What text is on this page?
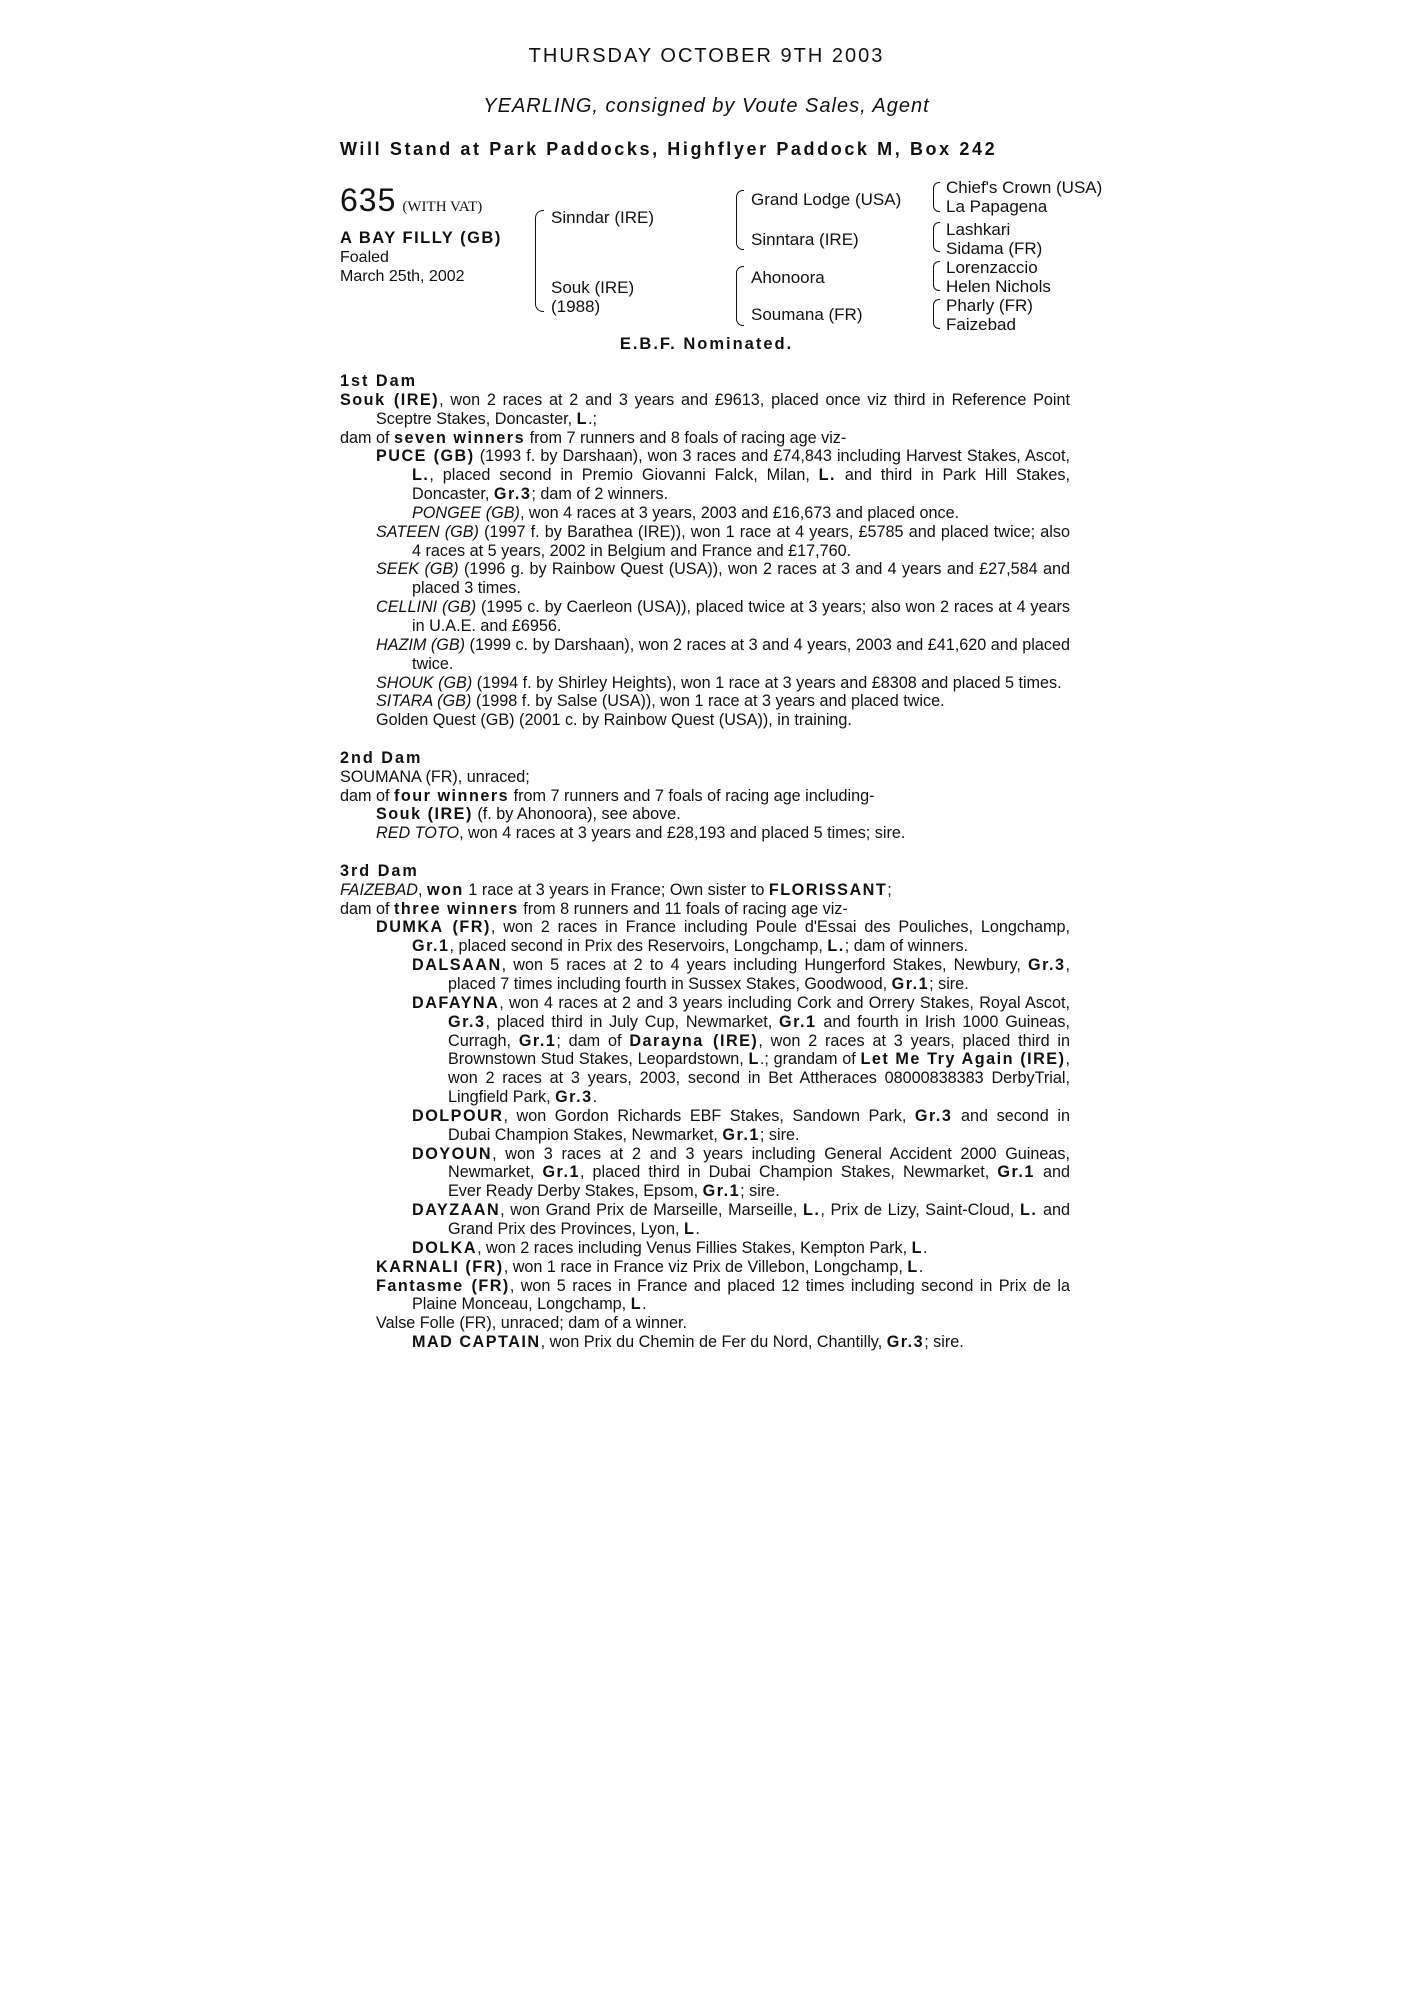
THURSDAY OCTOBER 9TH 2003
YEARLING, consigned by Voute Sales, Agent
Will Stand at Park Paddocks, Highflyer Paddock M, Box 242
635 (WITH VAT)
A BAY FILLY (GB)
Foaled
March 25th, 2002
Sinndar (IRE)
Souk (IRE)
(1988)
Grand Lodge (USA)
Sinntara (IRE)
Ahonoora
Soumana (FR)
Chief's Crown (USA)
La Papagena
Lashkari
Sidama (FR)
Lorenzaccio
Helen Nichols
Pharly (FR)
Faizebad
E.B.F. Nominated.

1st Dam

Souk (IRE), won 2 races at 2 and 3 years and £9613, placed once viz third in Reference Point Sceptre Stakes, Doncaster, L.;

dam of seven winners from 7 runners and 8 foals of racing age viz-

PUCE (GB) (1993 f. by Darshaan), won 3 races and £74,843 including Harvest Stakes, Ascot, L., placed second in Premio Giovanni Falck, Milan, L. and third in Park Hill Stakes, Doncaster, Gr.3; dam of 2 winners.

PONGEE (GB), won 4 races at 3 years, 2003 and £16,673 and placed once.

SATEEN (GB) (1997 f. by Barathea (IRE)), won 1 race at 4 years, £5785 and placed twice; also 4 races at 5 years, 2002 in Belgium and France and £17,760.

SEEK (GB) (1996 g. by Rainbow Quest (USA)), won 2 races at 3 and 4 years and £27,584 and placed 3 times.

CELLINI (GB) (1995 c. by Caerleon (USA)), placed twice at 3 years; also won 2 races at 4 years in U.A.E. and £6956.

HAZIM (GB) (1999 c. by Darshaan), won 2 races at 3 and 4 years, 2003 and £41,620 and placed twice.

SHOUK (GB) (1994 f. by Shirley Heights), won 1 race at 3 years and £8308 and placed 5 times.

SITARA (GB) (1998 f. by Salse (USA)), won 1 race at 3 years and placed twice.

Golden Quest (GB) (2001 c. by Rainbow Quest (USA)), in training.

2nd Dam

SOUMANA (FR), unraced;

dam of four winners from 7 runners and 7 foals of racing age including-

Souk (IRE) (f. by Ahonoora), see above.

RED TOTO, won 4 races at 3 years and £28,193 and placed 5 times; sire.

3rd Dam

FAIZEBAD, won 1 race at 3 years in France; Own sister to FLORISSANT;

dam of three winners from 8 runners and 11 foals of racing age viz-

DUMKA (FR), won 2 races in France including Poule d'Essai des Pouliches, Longchamp, Gr.1, placed second in Prix des Reservoirs, Longchamp, L.; dam of winners.

DALSAAN, won 5 races at 2 to 4 years including Hungerford Stakes, Newbury, Gr.3, placed 7 times including fourth in Sussex Stakes, Goodwood, Gr.1; sire.

DAFAYNA, won 4 races at 2 and 3 years including Cork and Orrery Stakes, Royal Ascot, Gr.3, placed third in July Cup, Newmarket, Gr.1 and fourth in Irish 1000 Guineas, Curragh, Gr.1; dam of Darayna (IRE), won 2 races at 3 years, placed third in Brownstown Stud Stakes, Leopardstown, L.; grandam of Let Me Try Again (IRE), won 2 races at 3 years, 2003, second in Bet Attheraces 08000838383 DerbyTrial, Lingfield Park, Gr.3.

DOLPOUR, won Gordon Richards EBF Stakes, Sandown Park, Gr.3 and second in Dubai Champion Stakes, Newmarket, Gr.1; sire.

DOYOUN, won 3 races at 2 and 3 years including General Accident 2000 Guineas, Newmarket, Gr.1, placed third in Dubai Champion Stakes, Newmarket, Gr.1 and Ever Ready Derby Stakes, Epsom, Gr.1; sire.

DAYZAAN, won Grand Prix de Marseille, Marseille, L., Prix de Lizy, Saint-Cloud, L. and Grand Prix des Provinces, Lyon, L.

DOLKA, won 2 races including Venus Fillies Stakes, Kempton Park, L.

KARNALI (FR), won 1 race in France viz Prix de Villebon, Longchamp, L.

Fantasme (FR), won 5 races in France and placed 12 times including second in Prix de la Plaine Monceau, Longchamp, L.

Valse Folle (FR), unraced; dam of a winner.

MAD CAPTAIN, won Prix du Chemin de Fer du Nord, Chantilly, Gr.3; sire.
